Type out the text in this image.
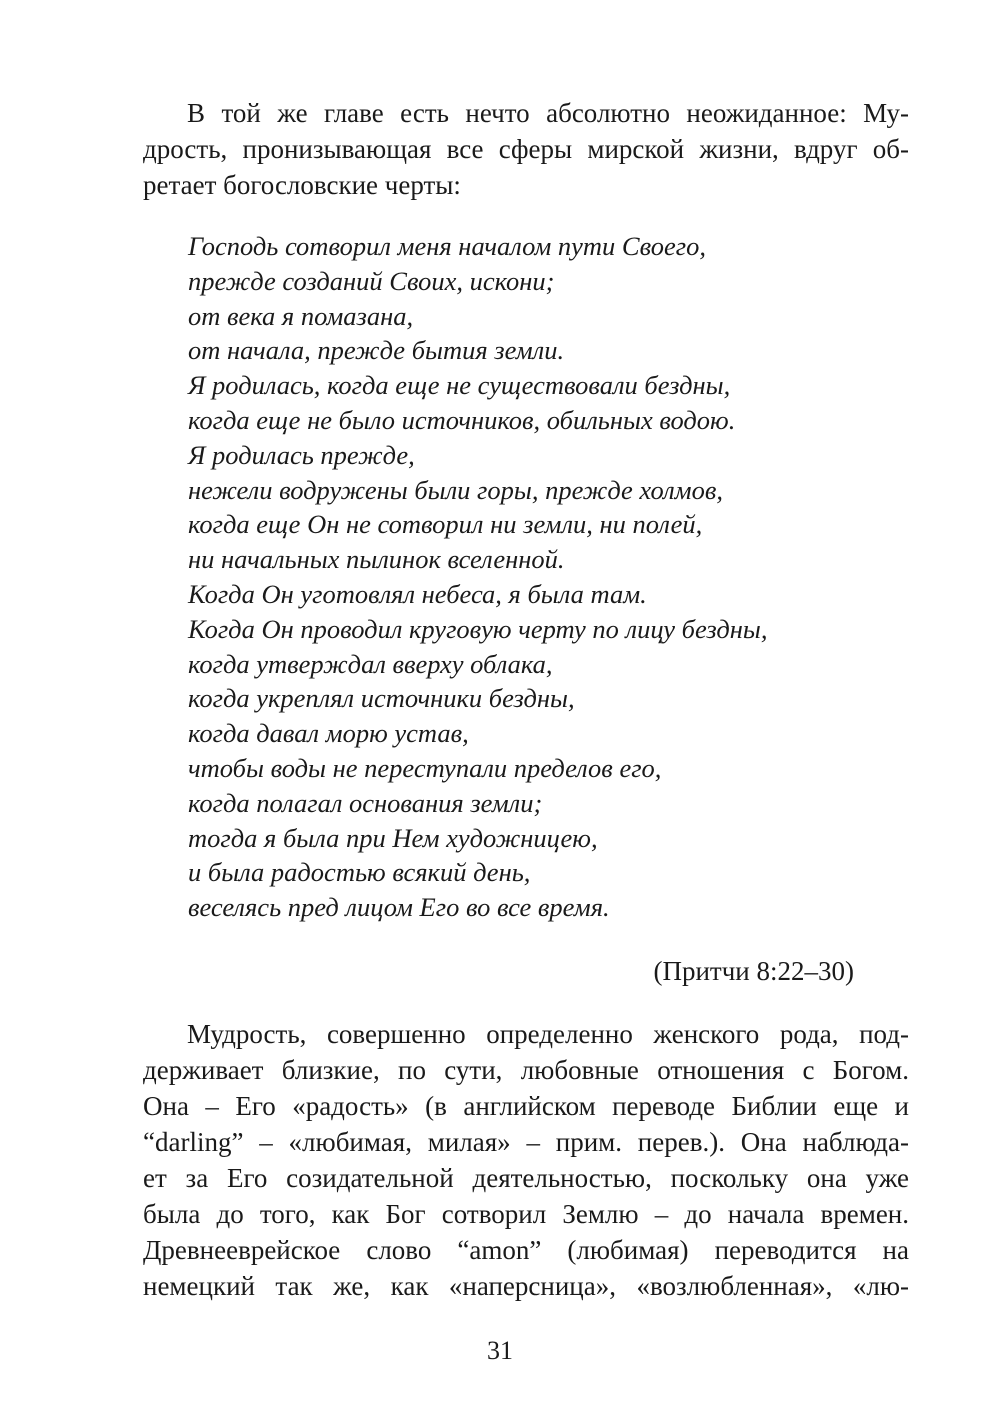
В той же главе есть нечто абсолютно неожиданное: Му-
дрость, пронизывающая все сферы мирской жизни, вдруг об-
ретает богословские черты:

Господь сотворил меня началом пути Своего,
прежде созданий Своих, искони;
от века я помазана,
от начала, прежде бытия земли.
Я родилась, когда еще не существовали бездны,
когда еще не было источников, обильных водою.
Я родилась прежде,
нежели водружены были горы, прежде холмов,
когда еще Он не сотворил ни земли, ни полей,
ни начальных пылинок вселенной.
Когда Он уготовлял небеса, я была там.
Когда Он проводил круговую черту по лицу бездны,
когда утверждал вверху облака,
когда укреплял источники бездны,
когда давал морю устав,
чтобы воды не переступали пределов его,
когда полагал основания земли;
тогда я была при Нем художницею,
и была радостью всякий день,
веселясь пред лицом Его во все время.
(Притчи 8:22–30)

Мудрость, совершенно определенно женского рода, под-
держивает близкие, по сути, любовные отношения с Богом.
Она – Его «радость» (в английском переводе Библии еще и
“darling” – «любимая, милая» – прим. перев.). Она наблюда-
ет за Его созидательной деятельностью, поскольку она уже
была до того, как Бог сотворил Землю – до начала времен.
Древнееврейское слово “amon” (любимая) переводится на
немецкий так же, как «наперсница», «возлюбленная», «лю-

31
